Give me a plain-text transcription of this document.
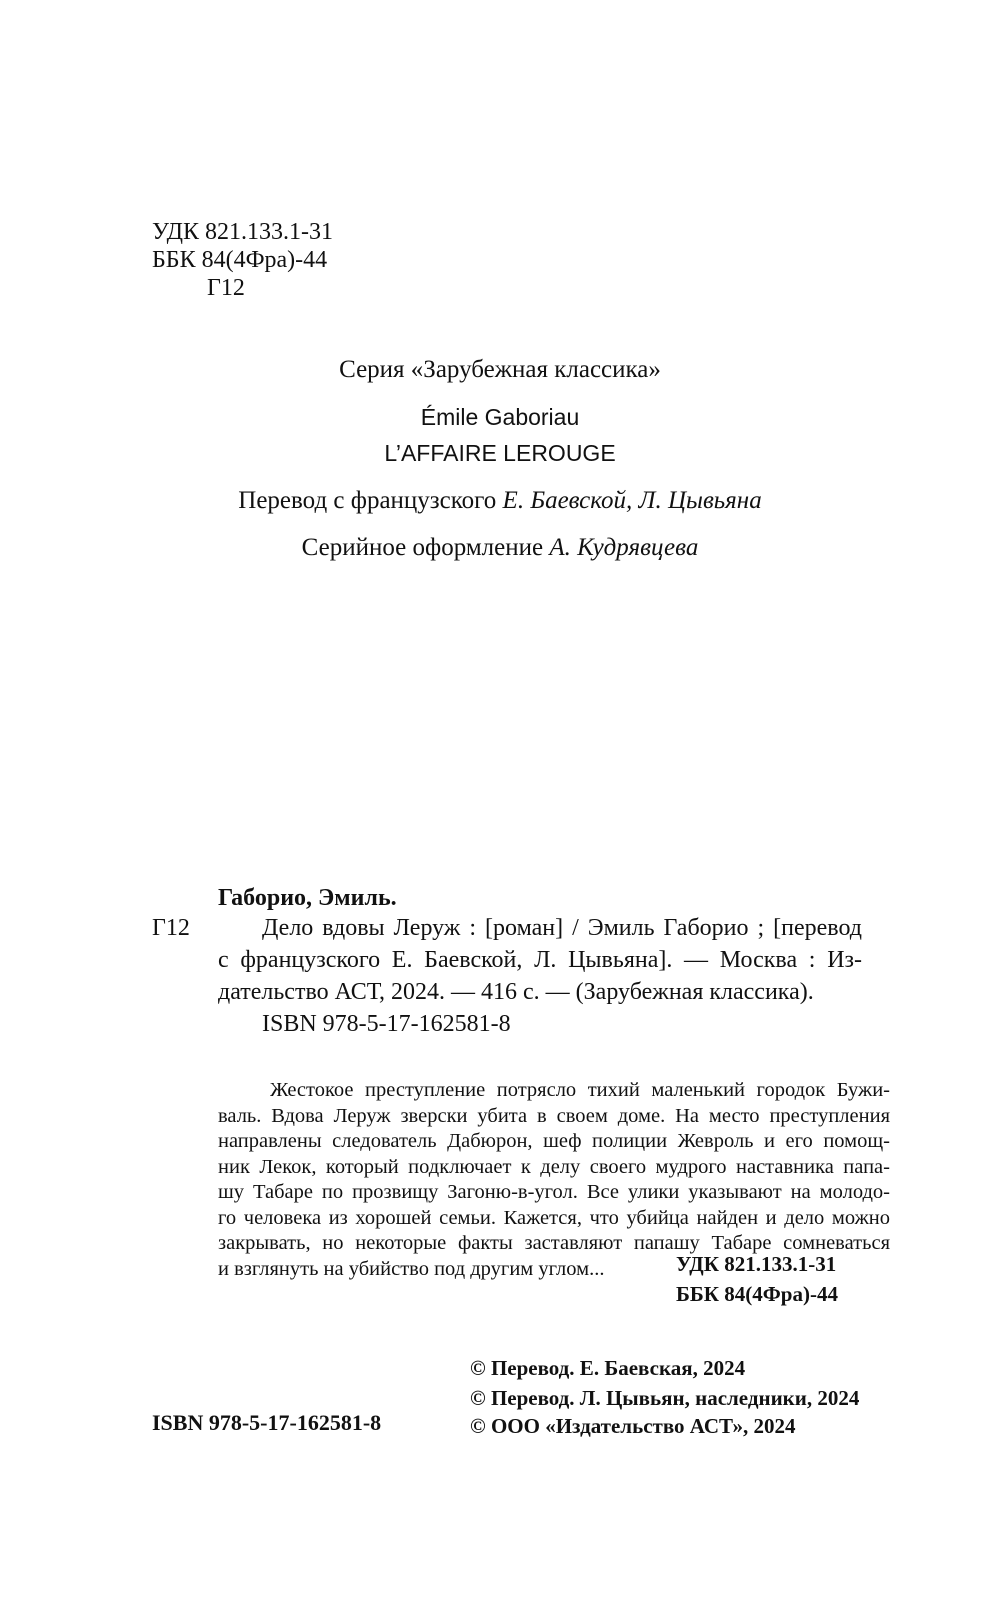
УДК 821.133.1-31
ББК 84(4Фра)-44
Г12
Серия «Зарубежная классика»
Émile Gaboriau
L’AFFAIRE LEROUGE
Перевод с французского Е. Баевской, Л. Цывьяна
Серийное оформление А. Кудрявцева
Габорио, Эмиль.
Г12	Дело вдовы Леруж : [роман] / Эмиль Габорио ; [перевод
с французского Е. Баевской, Л. Цывьяна]. — Москва : Из-
дательство АСТ, 2024. — 416 с. — (Зарубежная классика).
ISBN 978-5-17-162581-8
Жестокое преступление потрясло тихий маленький городок Бужи-
валь. Вдова Леруж зверски убита в своем доме. На место преступления
направлены следователь Дабюрон, шеф полиции Жевроль и его помощ-
ник Лекок, который подключает к делу своего мудрого наставника папа-
шу Табаре по прозвищу Загоню-в-угол. Все улики указывают на молодо-
го человека из хорошей семьи. Кажется, что убийца найден и дело можно
закрывать, но некоторые факты заставляют папашу Табаре сомневаться
и взглянуть на убийство под другим углом...	УДК 821.133.1-31
ББК 84(4Фра)-44
ISBN 978-5-17-162581-8
© Перевод. Е. Баевская, 2024
© Перевод. Л. Цывьян, наследники, 2024
© ООО «Издательство АСТ», 2024
